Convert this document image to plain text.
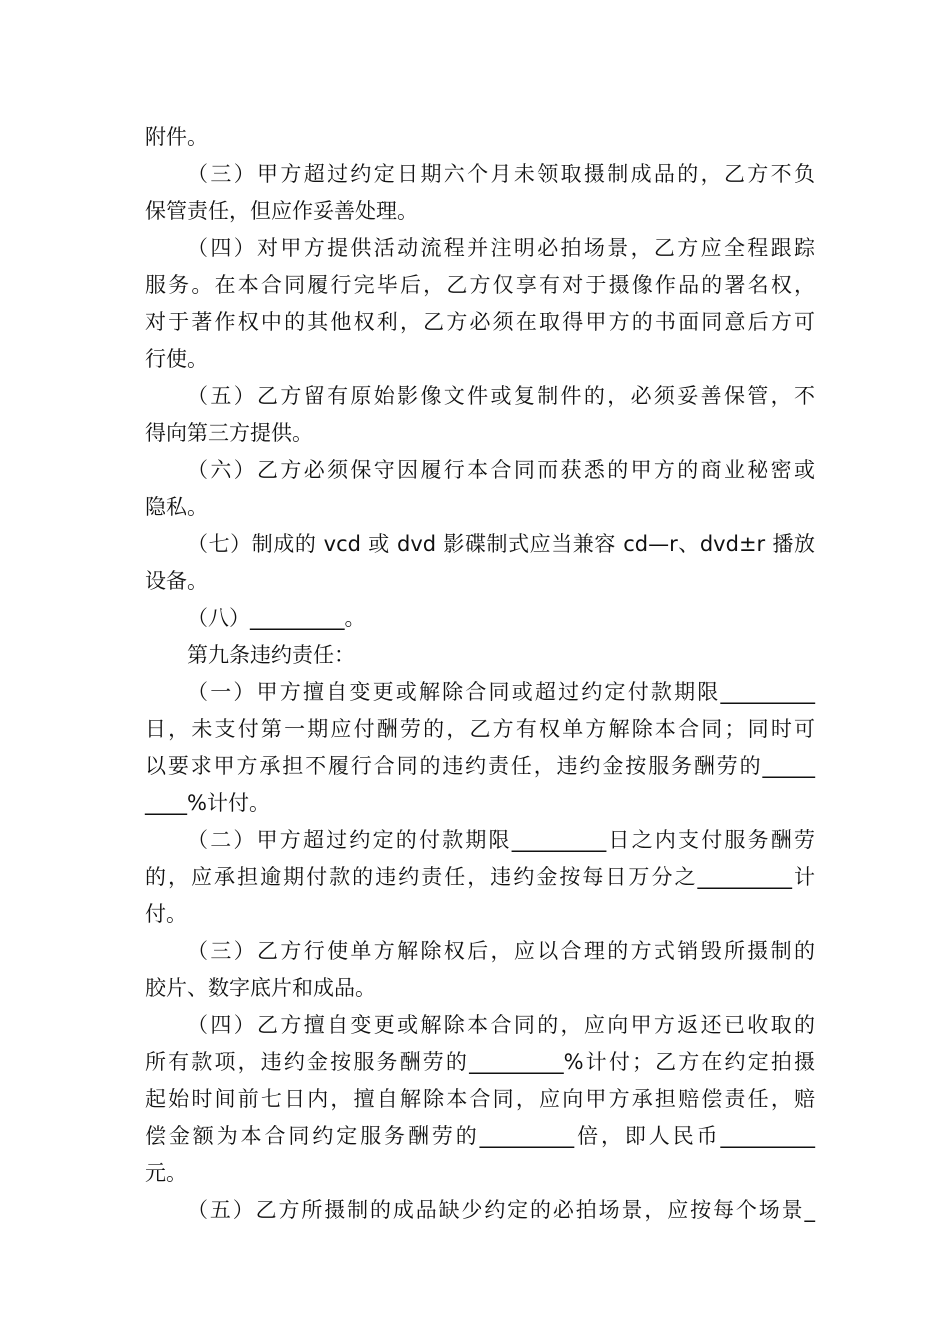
附件。
（三）甲方超过约定日期六个月未领取摄制成品的，乙方不负
保管责任，但应作妥善处理。
（四）对甲方提供活动流程并注明必拍场景，乙方应全程跟踪
服务。在本合同履行完毕后，乙方仅享有对于摄像作品的署名权，
对于著作权中的其他权利，乙方必须在取得甲方的书面同意后方可
行使。
（五）乙方留有原始影像文件或复制件的，必须妥善保管，不
得向第三方提供。
（六）乙方必须保守因履行本合同而获悉的甲方的商业秘密或
隐私。
（七）制成的 vcd 或 dvd 影碟制式应当兼容 cd—r、dvd±r 播放
设备。
（八）_________。
第九条违约责任：
（一）甲方擅自变更或解除合同或超过约定付款期限_________
日，未支付第一期应付酬劳的，乙方有权单方解除本合同；同时可
以要求甲方承担不履行合同的违约责任，违约金按服务酬劳的_____
____%计付。
（二）甲方超过约定的付款期限_________日之内支付服务酬劳
的，应承担逾期付款的违约责任，违约金按每日万分之_________计
付。
（三）乙方行使单方解除权后，应以合理的方式销毁所摄制的
胶片、数字底片和成品。
（四）乙方擅自变更或解除本合同的，应向甲方返还已收取的
所有款项，违约金按服务酬劳的_________%计付；乙方在约定拍摄
起始时间前七日内，擅自解除本合同，应向甲方承担赔偿责任，赔
偿金额为本合同约定服务酬劳的_________倍，即人民币_________
元。
（五）乙方所摄制的成品缺少约定的必拍场景，应按每个场景_
